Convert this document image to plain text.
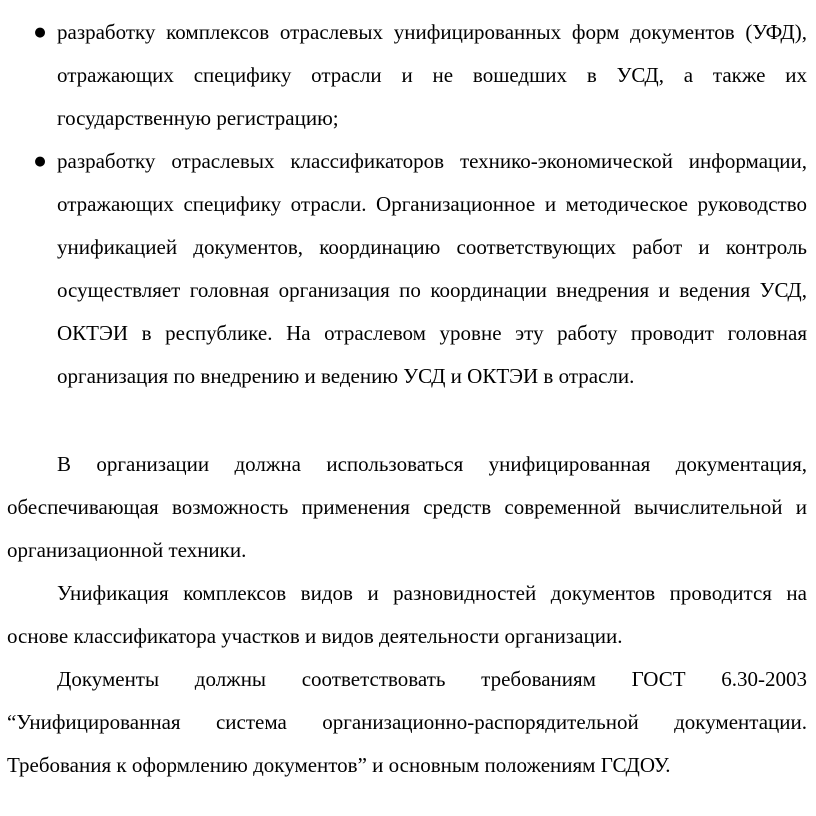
● разработку комплексов отраслевых унифицированных форм документов (УФД), отражающих специфику отрасли и не вошедших в УСД, а также их государственную регистрацию;
● разработку отраслевых классификаторов технико-экономической информации, отражающих специфику отрасли. Организационное и методическое руководство унификацией документов, координацию соответствующих работ и контроль осуществляет головная организация по координации внедрения и ведения УСД, ОКТЭИ в республике. На отраслевом уровне эту работу проводит головная организация по внедрению и ведению УСД и ОКТЭИ в отрасли.

В организации должна использоваться унифицированная документация, обеспечивающая возможность применения средств современной вычислительной и организационной техники.

Унификация комплексов видов и разновидностей документов проводится на основе классификатора участков и видов деятельности организации.

Документы должны соответствовать требованиям ГОСТ 6.30-2003 “Унифицированная система организационно-распорядительной документации. Требования к оформлению документов” и основным положениям ГСДОУ.
